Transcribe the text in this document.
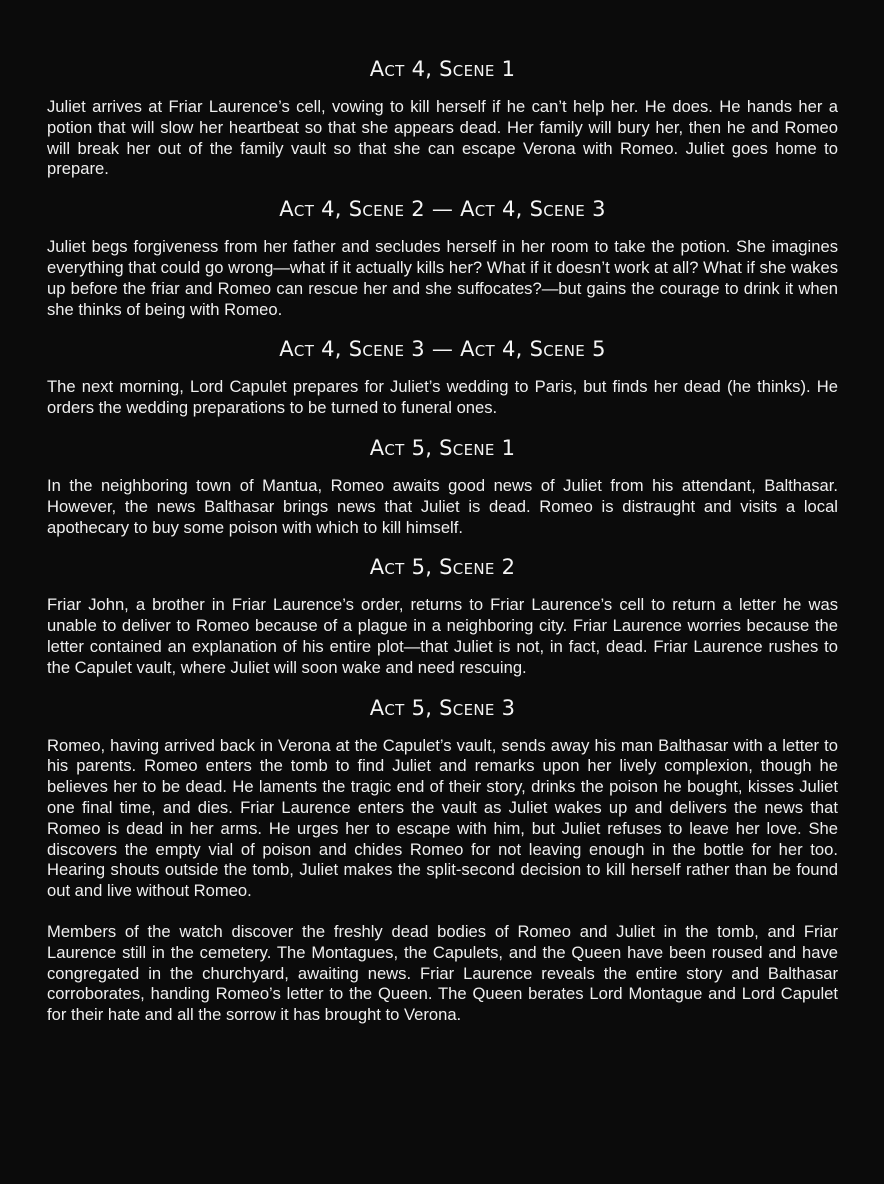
Act 4, Scene 1

Juliet arrives at Friar Laurence’s cell, vowing to kill herself if he can’t help her. He does. He hands her a potion that will slow her heartbeat so that she appears dead. Her family will bury her, then he and Romeo will break her out of the family vault so that she can escape Verona with Romeo. Juliet goes home to prepare.

Act 4, Scene 2 — Act 4, Scene 3

Juliet begs forgiveness from her father and secludes herself in her room to take the potion. She imagines everything that could go wrong—what if it actually kills her? What if it doesn’t work at all? What if she wakes up before the friar and Romeo can rescue her and she suffocates?—but gains the courage to drink it when she thinks of being with Romeo.

Act 4, Scene 3 — Act 4, Scene 5

The next morning, Lord Capulet prepares for Juliet’s wedding to Paris, but finds her dead (he thinks). He orders the wedding preparations to be turned to funeral ones.

Act 5, Scene 1

In the neighboring town of Mantua, Romeo awaits good news of Juliet from his attendant, Balthasar. However, the news Balthasar brings news that Juliet is dead. Romeo is distraught and visits a local apothecary to buy some poison with which to kill himself.

Act 5, Scene 2

Friar John, a brother in Friar Laurence’s order, returns to Friar Laurence’s cell to return a letter he was unable to deliver to Romeo because of a plague in a neighboring city. Friar Laurence worries because the letter contained an explanation of his entire plot—that Juliet is not, in fact, dead. Friar Laurence rushes to the Capulet vault, where Juliet will soon wake and need rescuing.

Act 5, Scene 3

Romeo, having arrived back in Verona at the Capulet’s vault, sends away his man Balthasar with a letter to his parents. Romeo enters the tomb to find Juliet and remarks upon her lively complexion, though he believes her to be dead. He laments the tragic end of their story, drinks the poison he bought, kisses Juliet one final time, and dies. Friar Laurence enters the vault as Juliet wakes up and delivers the news that Romeo is dead in her arms. He urges her to escape with him, but Juliet refuses to leave her love. She discovers the empty vial of poison and chides Romeo for not leaving enough in the bottle for her too. Hearing shouts outside the tomb, Juliet makes the split-second decision to kill herself rather than be found out and live without Romeo.

Members of the watch discover the freshly dead bodies of Romeo and Juliet in the tomb, and Friar Laurence still in the cemetery. The Montagues, the Capulets, and the Queen have been roused and have congregated in the churchyard, awaiting news. Friar Laurence reveals the entire story and Balthasar corroborates, handing Romeo’s letter to the Queen. The Queen berates Lord Montague and Lord Capulet for their hate and all the sorrow it has brought to Verona.
